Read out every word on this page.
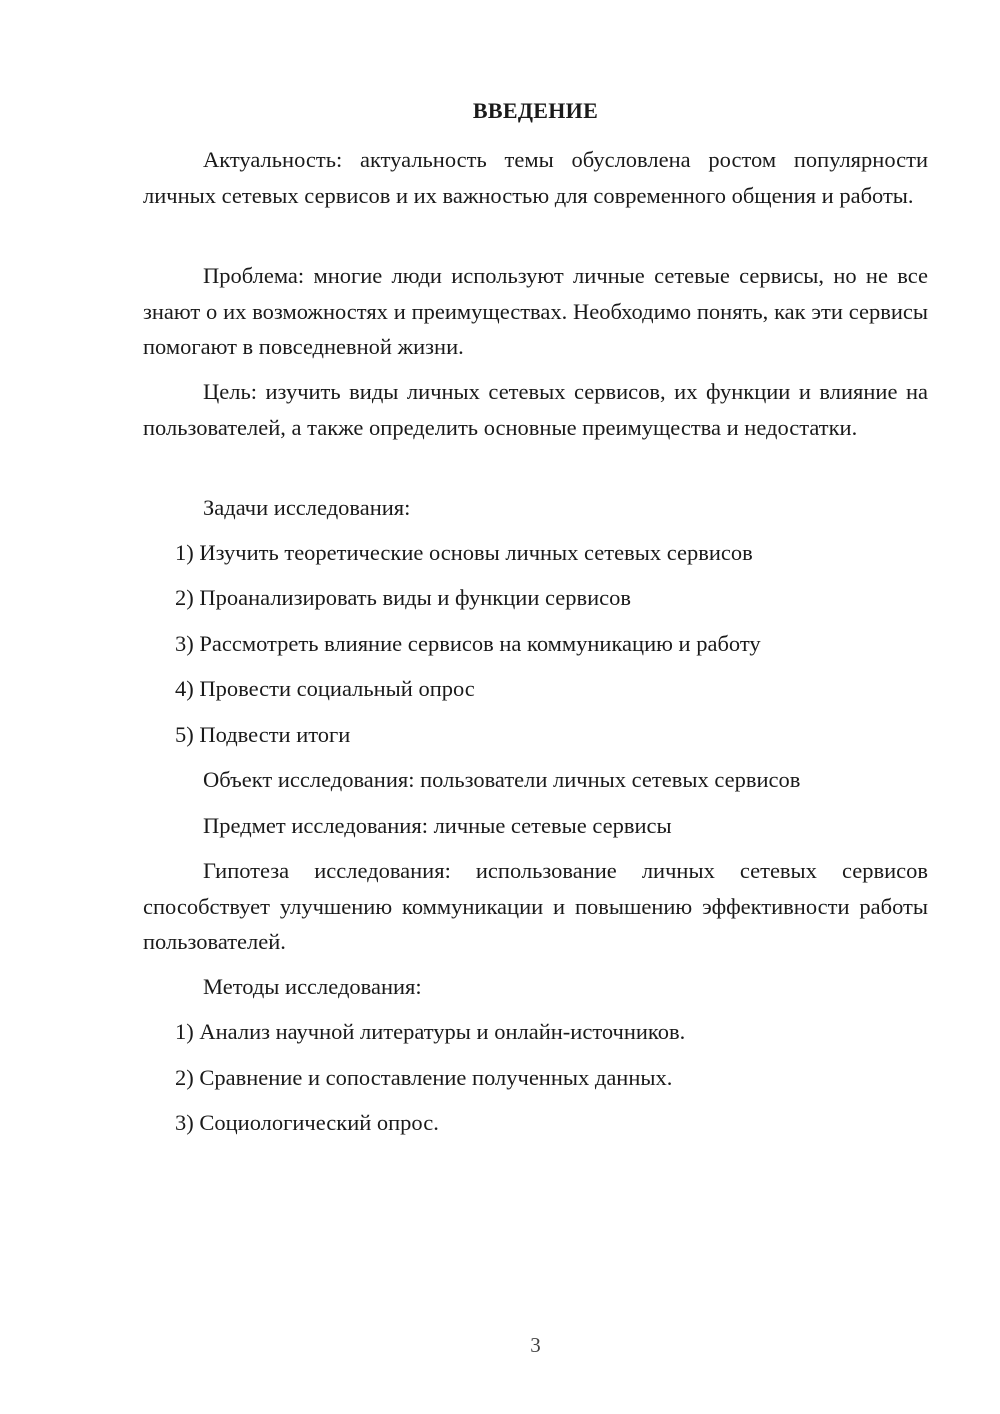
ВВЕДЕНИЕ

Актуальность: актуальность темы обусловлена ростом популярности личных сетевых сервисов и их важностью для современного общения и работы.

Проблема: многие люди используют личные сетевые сервисы, но не все знают о их возможностях и преимуществах. Необходимо понять, как эти сервисы помогают в повседневной жизни.

Цель: изучить виды личных сетевых сервисов, их функции и влияние на пользователей, а также определить основные преимущества и недостатки.

Задачи исследования:

1) Изучить теоретические основы личных сетевых сервисов

2) Проанализировать виды и функции сервисов

3) Рассмотреть влияние сервисов на коммуникацию и работу

4) Провести социальный опрос

5) Подвести итоги

Объект исследования: пользователи личных сетевых сервисов

Предмет исследования: личные сетевые сервисы

Гипотеза исследования: использование личных сетевых сервисов способствует улучшению коммуникации и повышению эффективности работы пользователей.

Методы исследования:

1) Анализ научной литературы и онлайн-источников.

2) Сравнение и сопоставление полученных данных.

3) Социологический опрос.

3
